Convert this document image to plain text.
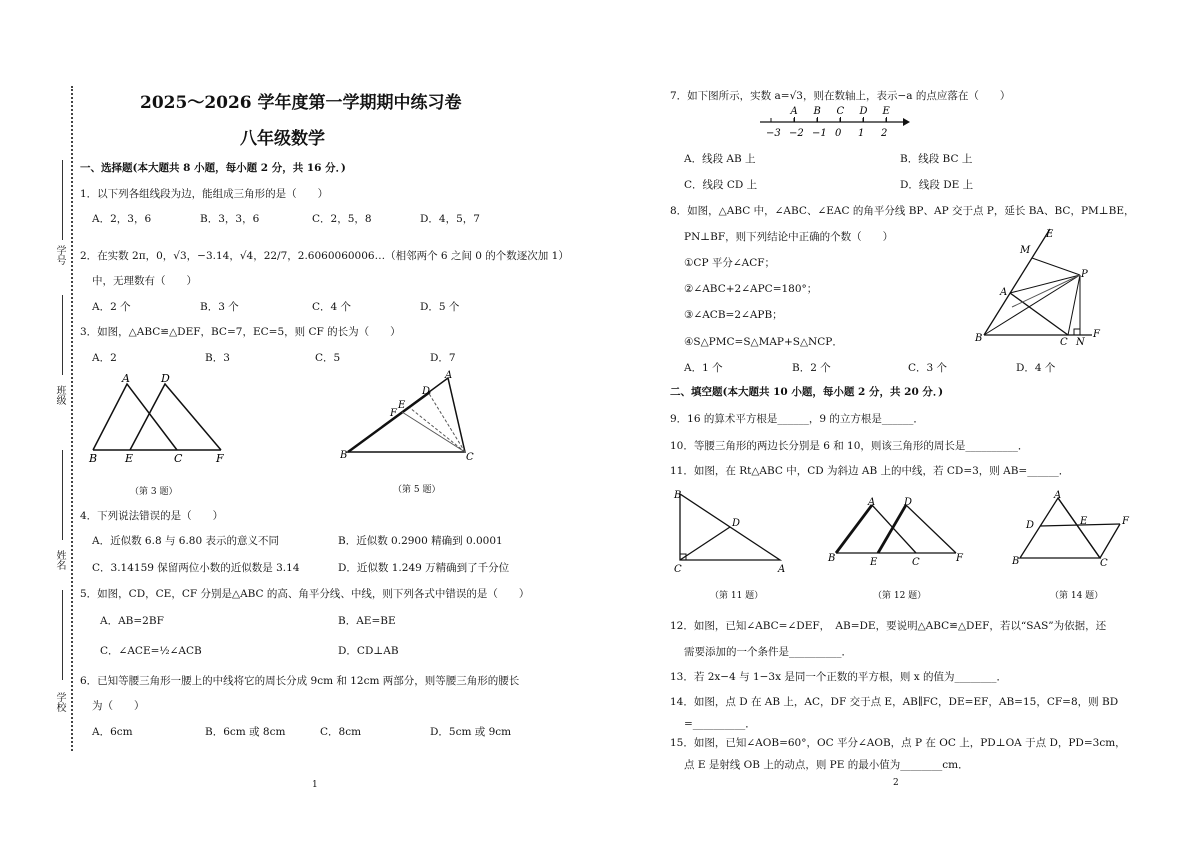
学号
班级
姓名
学校
2025～2026 学年度第一学期期中练习卷
八年级数学
一、选择题(本大题共 8 小题，每小题 2 分，共 16 分．)
1．以下列各组线段为边，能组成三角形的是（　　）
A．2，3，6	B．3，3，6	C．2，5，8	D．4，5，7
2．在实数 2π，0，√3，−3.14，√4，22/7，2.6060060006…（相邻两个 6 之间 0 的个数逐次加 1）
中，无理数有（　　）
A．2 个	B．3 个	C．4 个	D．5 个
3．如图，△ABC≌△DEF，BC=7，EC=5，则 CF 的长为（　　）
A．2	B．3	C．5	D．7
B	E	C	F
A	D
（第 3 题）
B	C
A
D
E
F
（第 5 题）
4．下列说法错误的是（　　）
A．近似数 6.8 与 6.80 表示的意义不同	B．近似数 0.2900 精确到 0.0001
C．3.14159 保留两位小数的近似数是 3.14	D．近似数 1.249 万精确到了千分位
5．如图，CD，CE，CF 分别是△ABC 的高、角平分线、中线，则下列各式中错误的是（　　）
A．AB=2BF	B．AE=BE
C．∠ACE=½∠ACB	D．CD⊥AB
6．已知等腰三角形一腰上的中线将它的周长分成 9cm 和 12cm 两部分，则等腰三角形的腰长
为（　　）
A．6cm	B．6cm 或 8cm	C．8cm	D．5cm 或 9cm
1
7．如下图所示，实数 a=√3，则在数轴上，表示−a 的点应落在（　　）
−3 −2 −1 0 1 2
A B C D E
A．线段 AB 上	B．线段 BC 上
C．线段 CD 上	D．线段 DE 上
8．如图，△ABC 中，∠ABC、∠EAC 的角平分线 BP、AP 交于点 P，延长 BA、BC，PM⊥BE，
PN⊥BF，则下列结论中正确的个数（　　）
①CP 平分∠ACF；
②∠ABC+2∠APC=180°；
③∠ACB=2∠APB；
④S△PMC=S△MAP+S△NCP．	B
A
M
E
P
C N
F
A．1 个	B．2 个	C．3 个	D．4 个
二、填空题(本大题共 10 小题，每小题 2 分，共 20 分．)
9．16 的算术平方根是______，9 的立方根是______．
10．等腰三角形的两边长分别是 6 和 10，则该三角形的周长是__________．
11．如图，在 Rt△ABC 中，CD 为斜边 AB 上的中线，若 CD=3，则 AB=______．
B
D
C	A
（第 11 题）
B
A	D
E	C	F
（第 12 题）
A
D	E	F
B	C
（第 14 题）
12．如图，已知∠ABC=∠DEF，　AB=DE，要说明△ABC≌△DEF，若以“SAS”为依据，还
需要添加的一个条件是__________．
13．若 2x−4 与 1−3x 是同一个正数的平方根，则 x 的值为________．
14．如图，点 D 在 AB 上，AC，DF 交于点 E，AB∥FC，DE=EF，AB=15，CF=8，则 BD
=__________．
15．如图，已知∠AOB=60°，OC 平分∠AOB，点 P 在 OC 上，PD⊥OA 于点 D，PD=3cm，
点 E 是射线 OB 上的动点，则 PE 的最小值为________cm．
2
